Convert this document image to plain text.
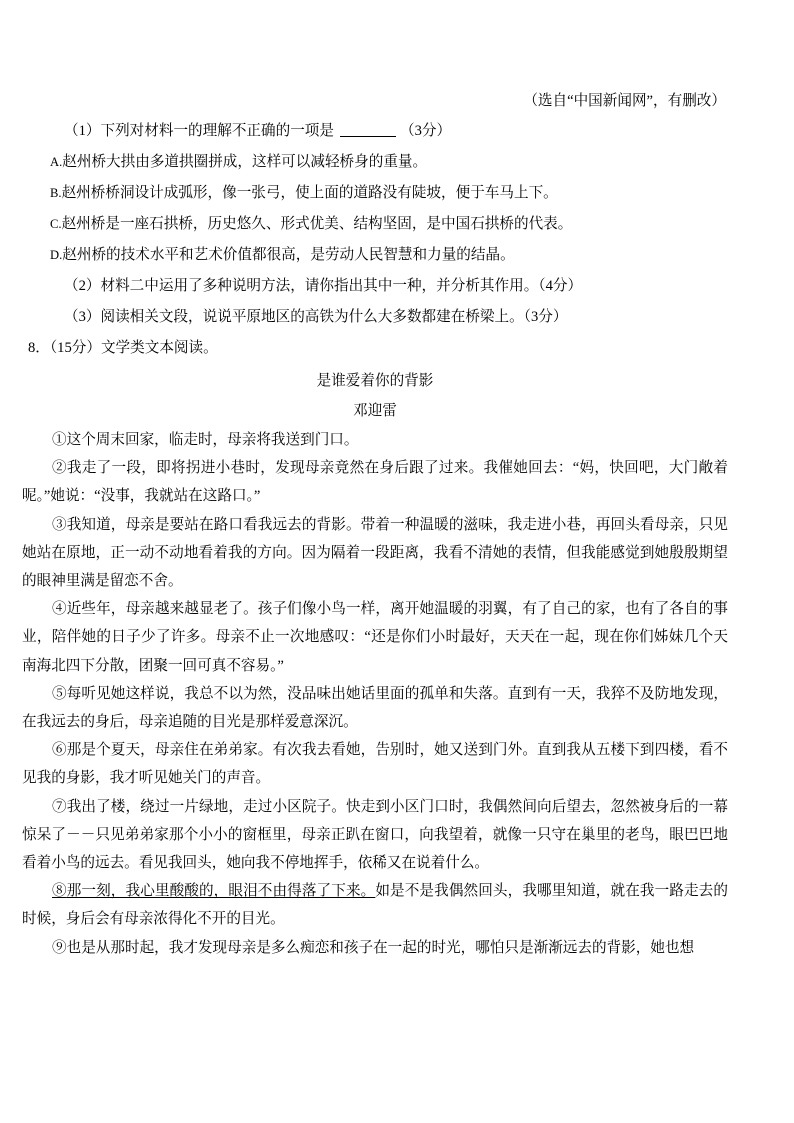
（选自“中国新闻网”，有删改）
（1）下列对材料一的理解不正确的一项是	（3分）
A.赵州桥大拱由多道拱圈拼成，这样可以减轻桥身的重量。
B.赵州桥桥洞设计成弧形，像一张弓，使上面的道路没有陡坡，便于车马上下。
C.赵州桥是一座石拱桥，历史悠久、形式优美、结构坚固，是中国石拱桥的代表。
D.赵州桥的技术水平和艺术价值都很高，是劳动人民智慧和力量的结晶。
（2）材料二中运用了多种说明方法，请你指出其中一种，并分析其作用。（4分）
（3）阅读相关文段，说说平原地区的高铁为什么大多数都建在桥梁上。（3分）
8．（15分）文学类文本阅读。
是谁爱着你的背影
邓迎雷

①这个周末回家，临走时，母亲将我送到门口。

②我走了一段，即将拐进小巷时，发现母亲竟然在身后跟了过来。我催她回去：“妈，快回吧，大门敞着呢。”她说：“没事，我就站在这路口。”

③我知道，母亲是要站在路口看我远去的背影。带着一种温暖的滋味，我走进小巷，再回头看母亲，只见她站在原地，正一动不动地看着我的方向。因为隔着一段距离，我看不清她的表情，但我能感觉到她殷殷期望的眼神里满是留恋不舍。

④近些年，母亲越来越显老了。孩子们像小鸟一样，离开她温暖的羽翼，有了自己的家，也有了各自的事业，陪伴她的日子少了许多。母亲不止一次地感叹：“还是你们小时最好，天天在一起，现在你们姊妹几个天南海北四下分散，团聚一回可真不容易。”

⑤每听见她这样说，我总不以为然，没品味出她话里面的孤单和失落。直到有一天，我猝不及防地发现，在我远去的身后，母亲追随的目光是那样爱意深沉。

⑥那是个夏天，母亲住在弟弟家。有次我去看她，告别时，她又送到门外。直到我从五楼下到四楼，看不见我的身影，我才听见她关门的声音。

⑦我出了楼，绕过一片绿地，走过小区院子。快走到小区门口时，我偶然间向后望去，忽然被身后的一幕惊呆了－－只见弟弟家那个小小的窗框里，母亲正趴在窗口，向我望着，就像一只守在巢里的老鸟，眼巴巴地看着小鸟的远去。看见我回头，她向我不停地挥手，依稀又在说着什么。

⑧那一刻，我心里酸酸的，眼泪不由得落了下来。如是不是我偶然回头，我哪里知道，就在我一路走去的时候，身后会有母亲浓得化不开的目光。

⑨也是从那时起，我才发现母亲是多么痴恋和孩子在一起的时光，哪怕只是渐渐远去的背影，她也想
